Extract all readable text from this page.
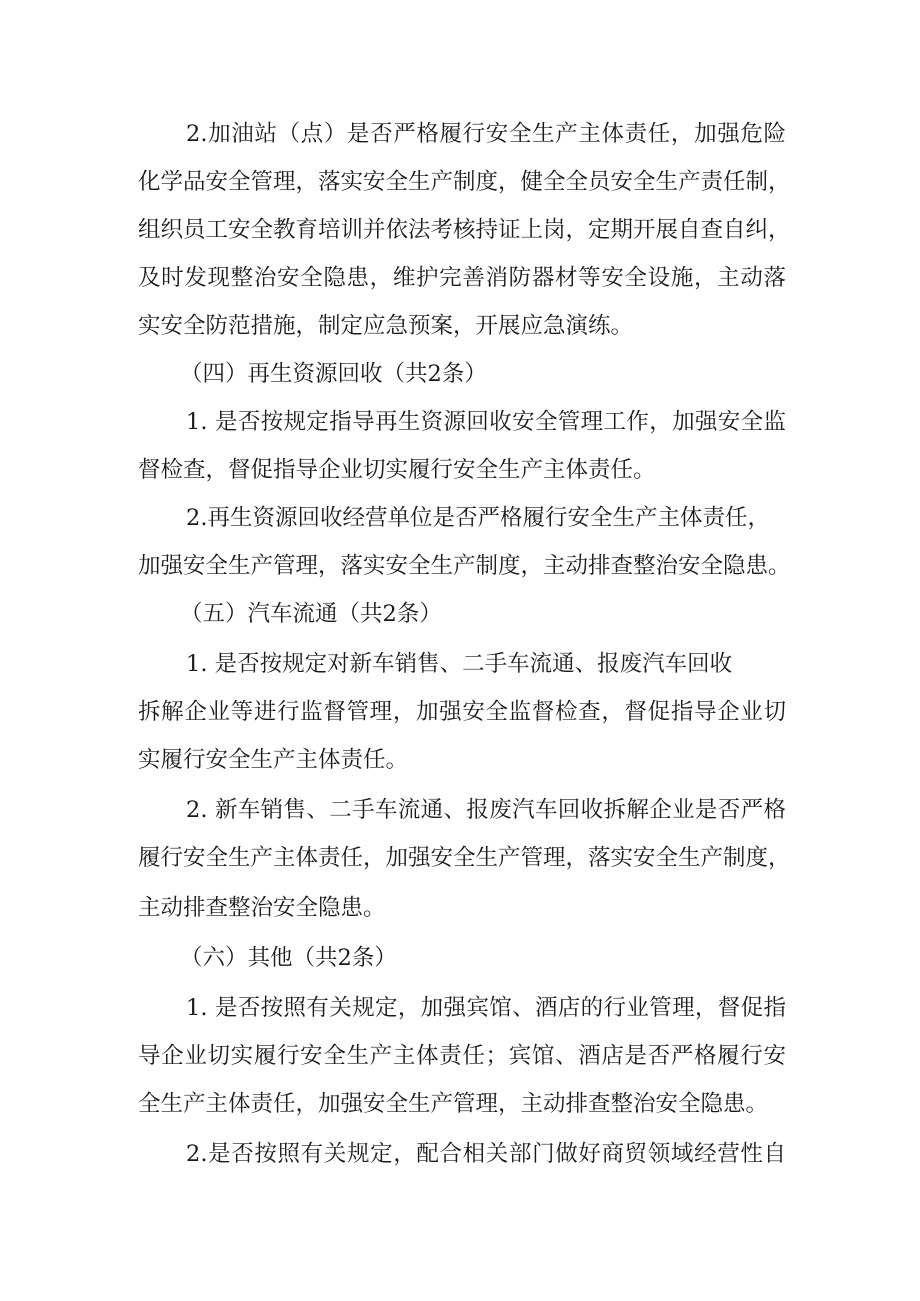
2.加油站（点）是否严格履行安全生产主体责任，加强危险
化学品安全管理，落实安全生产制度，健全全员安全生产责任制，
组织员工安全教育培训并依法考核持证上岗，定期开展自查自纠，
及时发现整治安全隐患，维护完善消防器材等安全设施，主动落
实安全防范措施，制定应急预案，开展应急演练。
（四）再生资源回收（共2条）
1. 是否按规定指导再生资源回收安全管理工作，加强安全监
督检查，督促指导企业切实履行安全生产主体责任。
2.再生资源回收经营单位是否严格履行安全生产主体责任，
加强安全生产管理，落实安全生产制度，主动排查整治安全隐患。
（五）汽车流通（共2条）
1. 是否按规定对新车销售、二手车流通、报废汽车回收
拆解企业等进行监督管理，加强安全监督检查，督促指导企业切
实履行安全生产主体责任。
2. 新车销售、二手车流通、报废汽车回收拆解企业是否严格
履行安全生产主体责任，加强安全生产管理，落实安全生产制度，
主动排查整治安全隐患。
（六）其他（共2条）
1. 是否按照有关规定，加强宾馆、酒店的行业管理，督促指
导企业切实履行安全生产主体责任；宾馆、酒店是否严格履行安
全生产主体责任，加强安全生产管理，主动排查整治安全隐患。
2.是否按照有关规定，配合相关部门做好商贸领域经营性自
